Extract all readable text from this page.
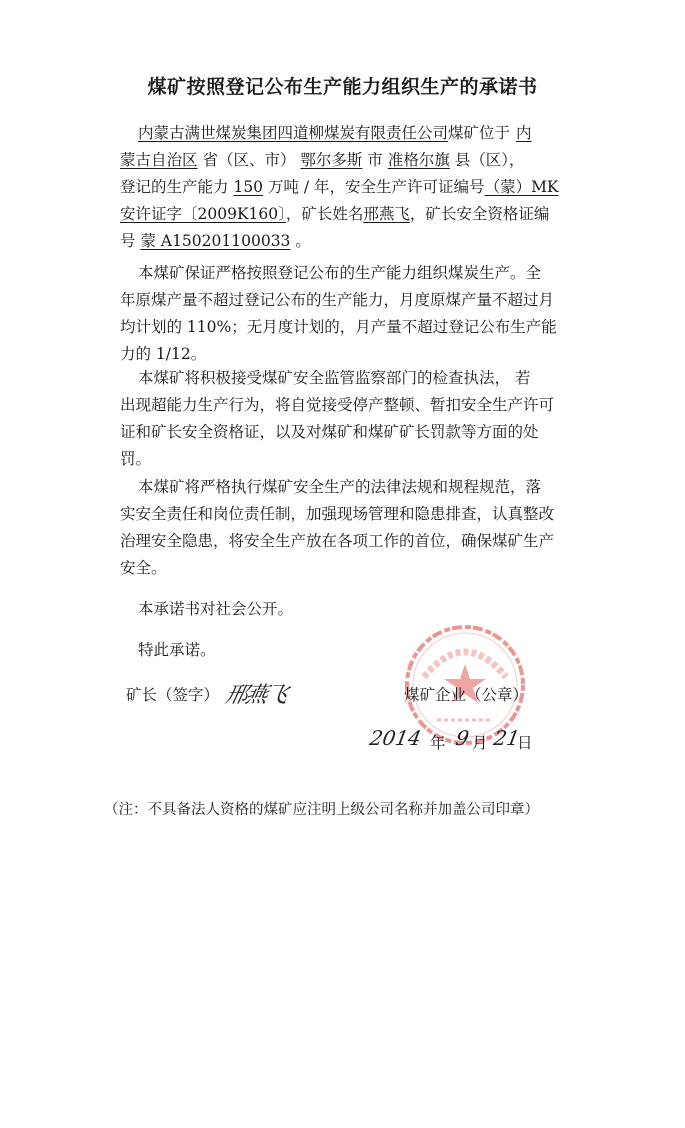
煤矿按照登记公布生产能力组织生产的承诺书
内蒙古满世煤炭集团四道柳煤炭有限责任公司煤矿位于 内
蒙古自治区 省（区、市） 鄂尔多斯 市 准格尔旗 县（区），
登记的生产能力 150 万吨 / 年，安全生产许可证编号（蒙）MK
安许证字〔2009K160〕，矿长姓名邢燕飞，矿长安全资格证编
号 蒙 A150201100033 。
本煤矿保证严格按照登记公布的生产能力组织煤炭生产。全
年原煤产量不超过登记公布的生产能力，月度原煤产量不超过月
均计划的 110%；无月度计划的，月产量不超过登记公布生产能
力的 1/12。
本煤矿将积极接受煤矿安全监管监察部门的检查执法， 若
出现超能力生产行为，将自觉接受停产整顿、暂扣安全生产许可
证和矿长安全资格证，以及对煤矿和煤矿矿长罚款等方面的处
罚。
本煤矿将严格执行煤矿安全生产的法律法规和规程规范，落
实安全责任和岗位责任制，加强现场管理和隐患排查，认真整改
治理安全隐患，将安全生产放在各项工作的首位，确保煤矿生产
安全。
本承诺书对社会公开。
特此承诺。
矿长（签字） 邢燕飞	煤矿企业（公章）
2014 年 9 月 21
日
（注：不具备法人资格的煤矿应注明上级公司名称并加盖公司印章）
